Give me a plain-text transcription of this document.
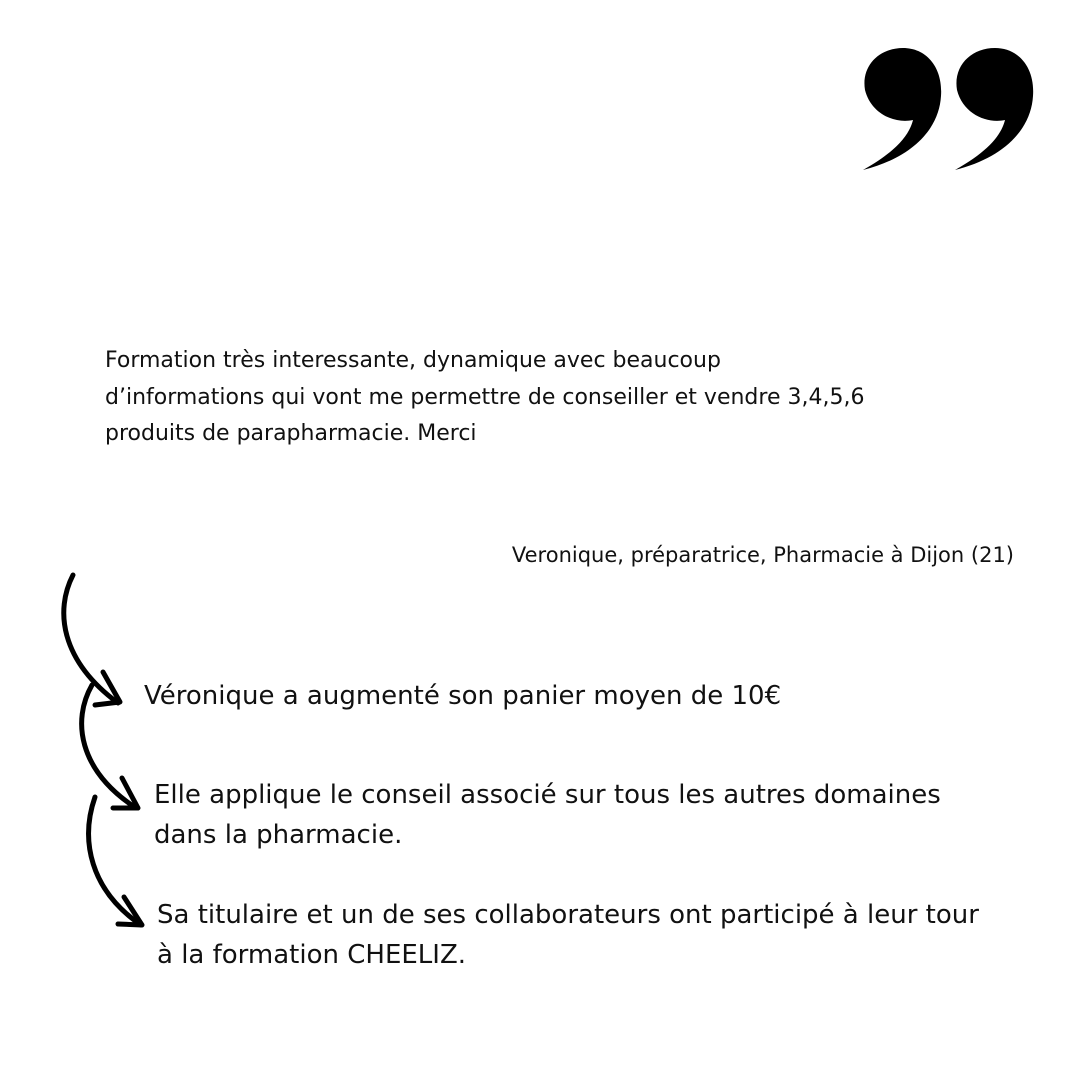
Formation très interessante, dynamique avec beaucoup
d’informations qui vont me permettre de conseiller et vendre 3,4,5,6
produits de parapharmacie. Merci

Veronique, préparatrice, Pharmacie à Dijon (21)

Véronique a augmenté son panier moyen de 10€

Elle applique le conseil associé sur tous les autres domaines
dans la pharmacie.

Sa titulaire et un de ses collaborateurs ont participé à leur tour
à la formation CHEELIZ.
